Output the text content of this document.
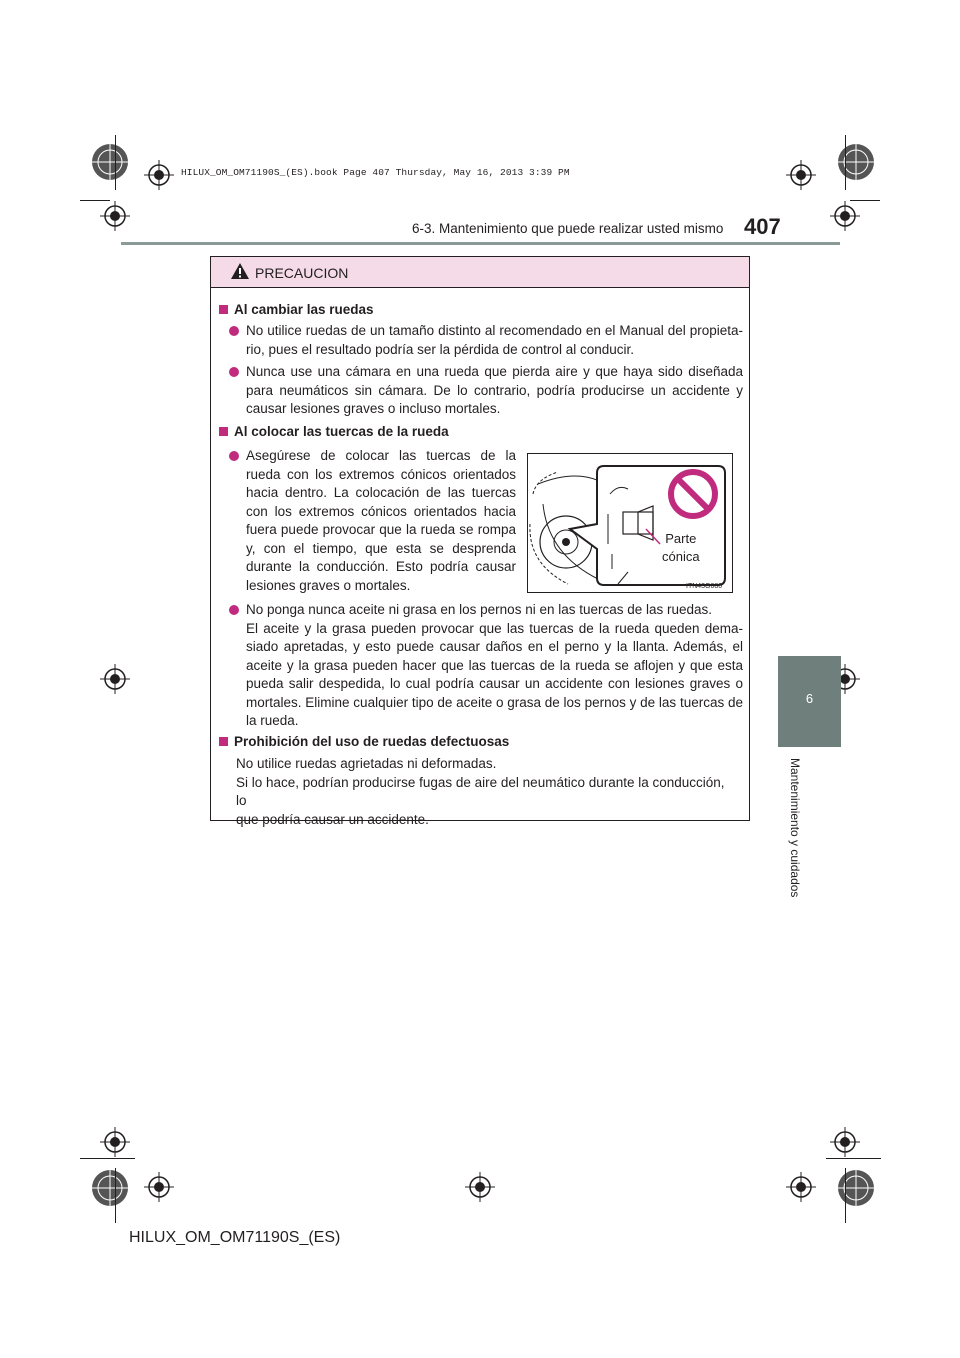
HILUX_OM_OM71190S_(ES).book Page 407 Thursday, May 16, 2013 3:39 PM
6-3. Mantenimiento que puede realizar usted mismo 407
6
Mantenimiento y cuidados
PRECAUCION
Al cambiar las ruedas
No utilice ruedas de un tamaño distinto al recomendado en el Manual del propieta-
rio, pues el resultado podría ser la pérdida de control al conducir.
Nunca use una cámara en una rueda que pierda aire y que haya sido diseñada
para neumáticos sin cámara. De lo contrario, podría producirse un accidente y
causar lesiones graves o incluso mortales.
Al colocar las tuercas de la rueda
Asegúrese de colocar las tuercas de la
rueda con los extremos cónicos orientados
hacia dentro. La colocación de las tuercas
con los extremos cónicos orientados hacia
fuera puede provocar que la rueda se rompa
y, con el tiempo, que esta se desprenda
durante la conducción. Esto podría causar
lesiones graves o mortales.
Parte
cónica
ITN43G080
No ponga nunca aceite ni grasa en los pernos ni en las tuercas de las ruedas.
El aceite y la grasa pueden provocar que las tuercas de la rueda queden dema-
siado apretadas, y esto puede causar daños en el perno y la llanta. Además, el
aceite y la grasa pueden hacer que las tuercas de la rueda se aflojen y que esta
pueda salir despedida, lo cual podría causar un accidente con lesiones graves o
mortales. Elimine cualquier tipo de aceite o grasa de los pernos y de las tuercas de
la rueda.
Prohibición del uso de ruedas defectuosas
No utilice ruedas agrietadas ni deformadas.
Si lo hace, podrían producirse fugas de aire del neumático durante la conducción, lo
que podría causar un accidente.
HILUX_OM_OM71190S_(ES)
